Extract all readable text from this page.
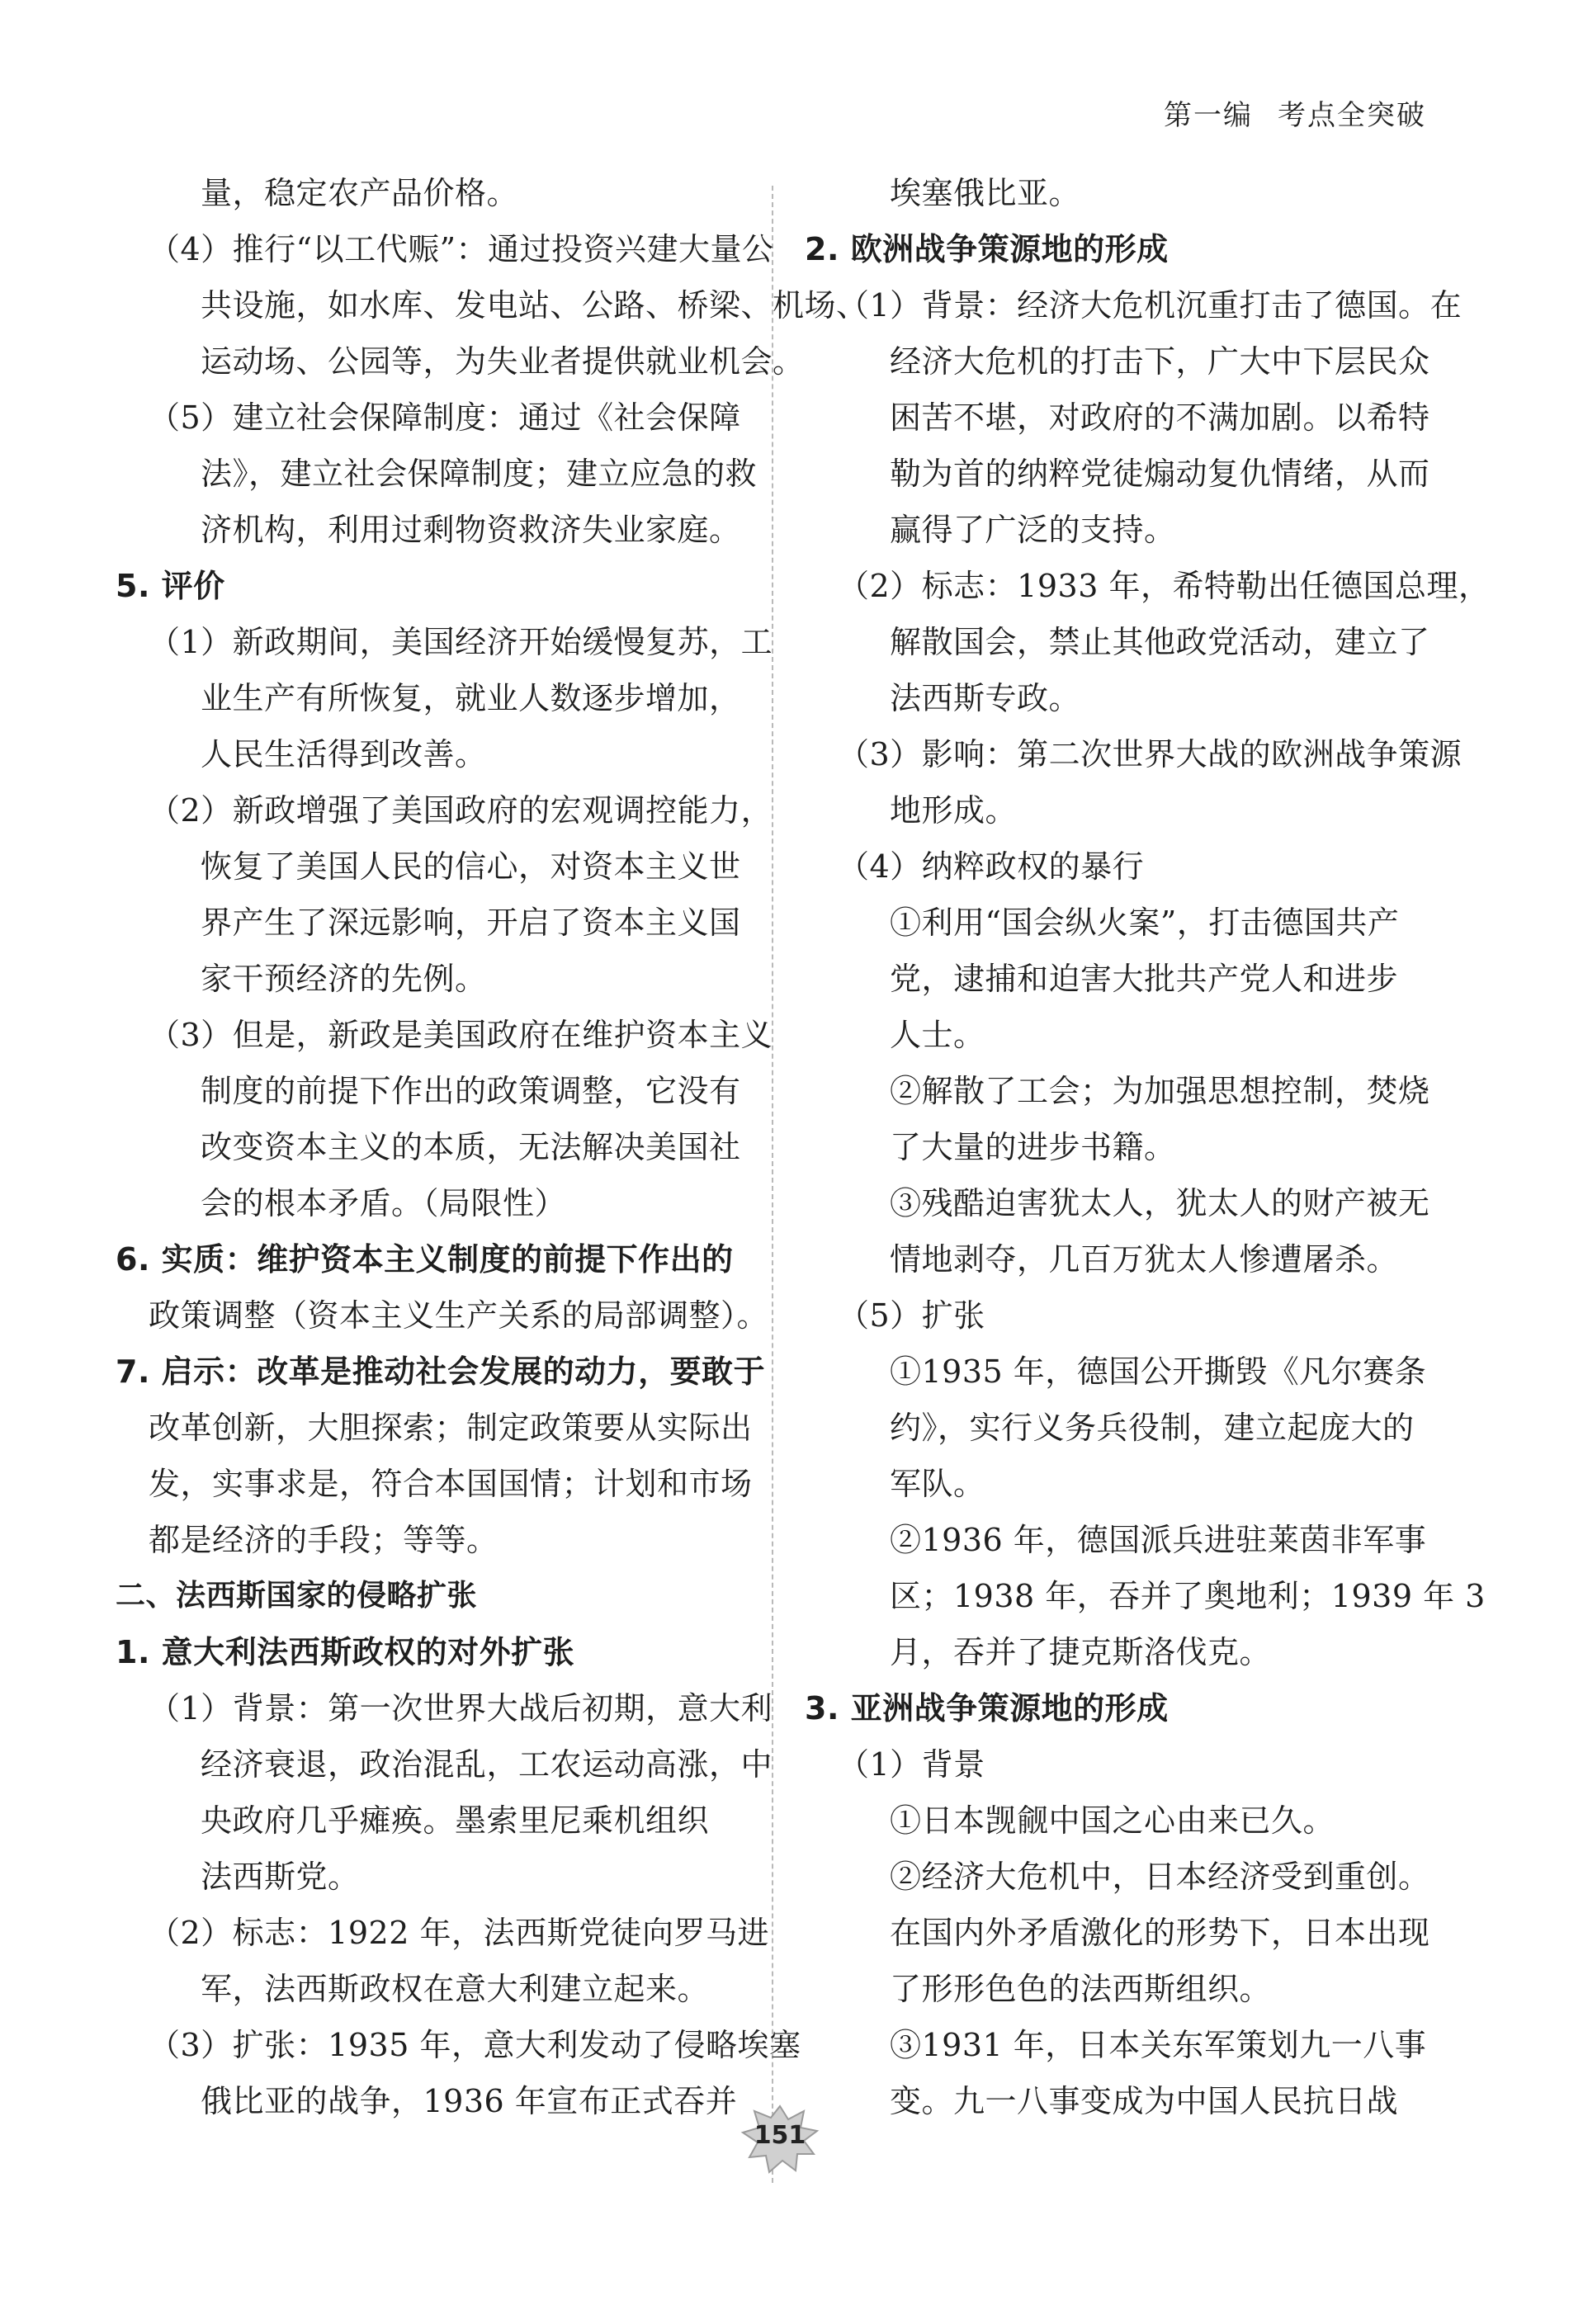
第一编 考点全突破
量，稳定农产品价格。
（4）推行“以工代赈”：通过投资兴建大量公
共设施，如水库、发电站、公路、桥梁、机场、
运动场、公园等，为失业者提供就业机会。
（5）建立社会保障制度：通过《社会保障
法》，建立社会保障制度；建立应急的救
济机构，利用过剩物资救济失业家庭。
5. 评价
（1）新政期间，美国经济开始缓慢复苏，工
业生产有所恢复，就业人数逐步增加，
人民生活得到改善。
（2）新政增强了美国政府的宏观调控能力，
恢复了美国人民的信心，对资本主义世
界产生了深远影响，开启了资本主义国
家干预经济的先例。
（3）但是，新政是美国政府在维护资本主义
制度的前提下作出的政策调整，它没有
改变资本主义的本质，无法解决美国社
会的根本矛盾。（局限性）
6. 实质：维护资本主义制度的前提下作出的
政策调整（资本主义生产关系的局部调整）。
7. 启示：改革是推动社会发展的动力，要敢于
改革创新，大胆探索；制定政策要从实际出
发，实事求是，符合本国国情；计划和市场
都是经济的手段；等等。
二、法西斯国家的侵略扩张
1. 意大利法西斯政权的对外扩张
（1）背景：第一次世界大战后初期，意大利
经济衰退，政治混乱，工农运动高涨，中
央政府几乎瘫痪。墨索里尼乘机组织
法西斯党。
（2）标志：1922 年，法西斯党徒向罗马进
军，法西斯政权在意大利建立起来。
（3）扩张：1935 年，意大利发动了侵略埃塞
俄比亚的战争，1936 年宣布正式吞并
埃塞俄比亚。
2. 欧洲战争策源地的形成
（1）背景：经济大危机沉重打击了德国。在
经济大危机的打击下，广大中下层民众
困苦不堪，对政府的不满加剧。以希特
勒为首的纳粹党徒煽动复仇情绪，从而
赢得了广泛的支持。
（2）标志：1933 年，希特勒出任德国总理，
解散国会，禁止其他政党活动，建立了
法西斯专政。
（3）影响：第二次世界大战的欧洲战争策源
地形成。
（4）纳粹政权的暴行
①利用“国会纵火案”，打击德国共产
党，逮捕和迫害大批共产党人和进步
人士。
②解散了工会；为加强思想控制，焚烧
了大量的进步书籍。
③残酷迫害犹太人，犹太人的财产被无
情地剥夺，几百万犹太人惨遭屠杀。
（5）扩张
①1935 年，德国公开撕毁《凡尔赛条
约》，实行义务兵役制，建立起庞大的
军队。
②1936 年，德国派兵进驻莱茵非军事
区；1938 年，吞并了奥地利；1939 年 3
月，吞并了捷克斯洛伐克。
3. 亚洲战争策源地的形成
（1）背景
①日本觊觎中国之心由来已久。
②经济大危机中，日本经济受到重创。
在国内外矛盾激化的形势下，日本出现
了形形色色的法西斯组织。
③1931 年，日本关东军策划九一八事
变。九一八事变成为中国人民抗日战
151
